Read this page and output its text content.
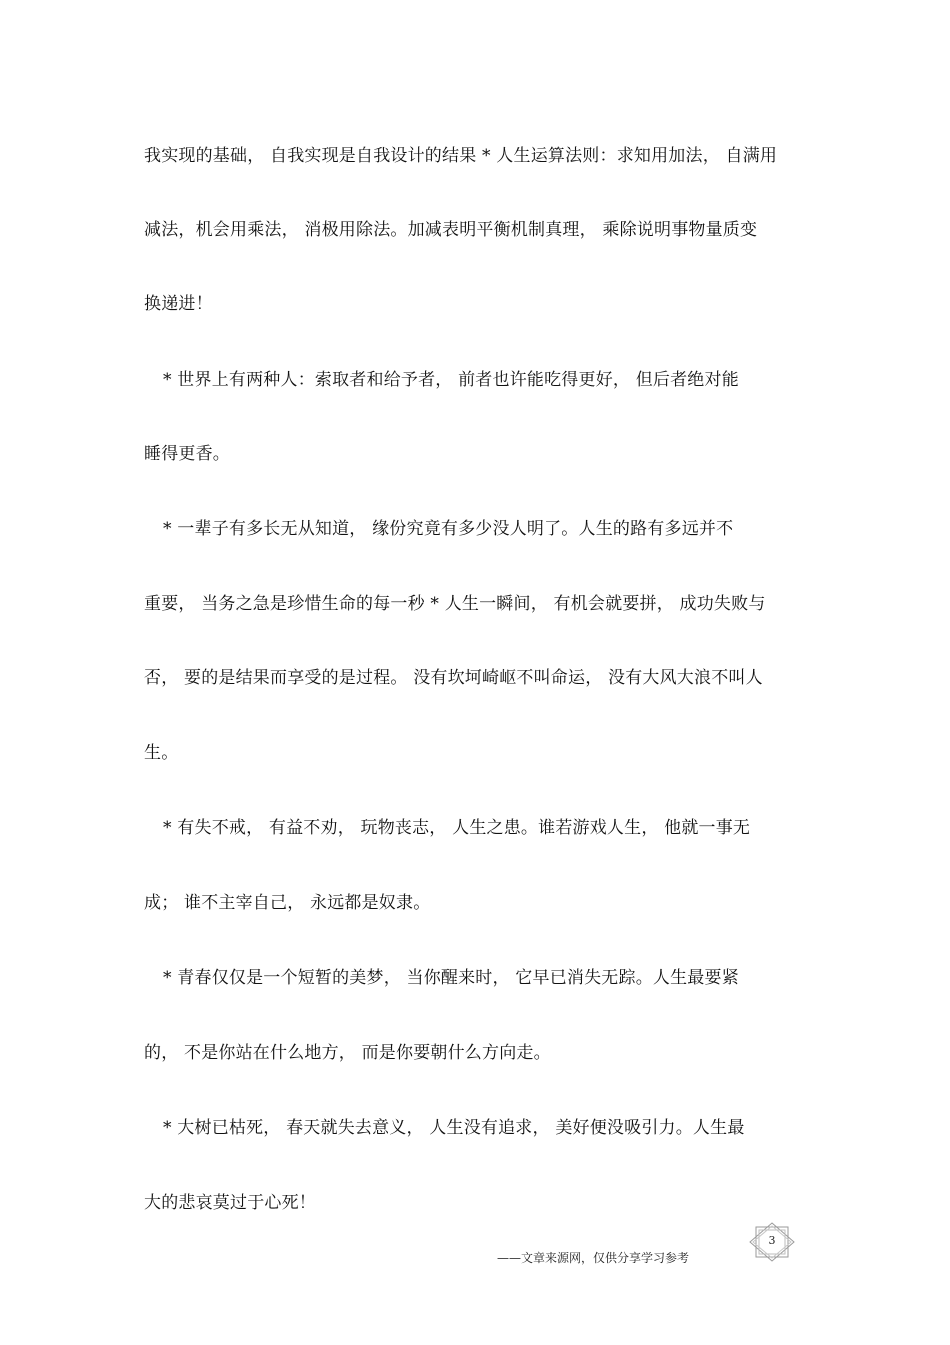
我实现的基础， 自我实现是自我设计的结果 * 人生运算法则：求知用加法， 自满用
减法，机会用乘法， 消极用除法。加减表明平衡机制真理， 乘除说明事物量质变
换递进！
* 世界上有两种人：索取者和给予者， 前者也许能吃得更好， 但后者绝对能
睡得更香。
* 一辈子有多长无从知道， 缘份究竟有多少没人明了。人生的路有多远并不
重要， 当务之急是珍惜生命的每一秒 * 人生一瞬间， 有机会就要拼， 成功失败与
否， 要的是结果而享受的是过程。 没有坎坷崎岖不叫命运， 没有大风大浪不叫人
生。
* 有失不戒， 有益不劝， 玩物丧志， 人生之患。谁若游戏人生， 他就一事无
成； 谁不主宰自己， 永远都是奴隶。
* 青春仅仅是一个短暂的美梦， 当你醒来时， 它早已消失无踪。人生最要紧
的， 不是你站在什么地方， 而是你要朝什么方向走。
* 大树已枯死， 春天就失去意义， 人生没有追求， 美好便没吸引力。人生最
大的悲哀莫过于心死！
3
——文章来源网，仅供分享学习参考
